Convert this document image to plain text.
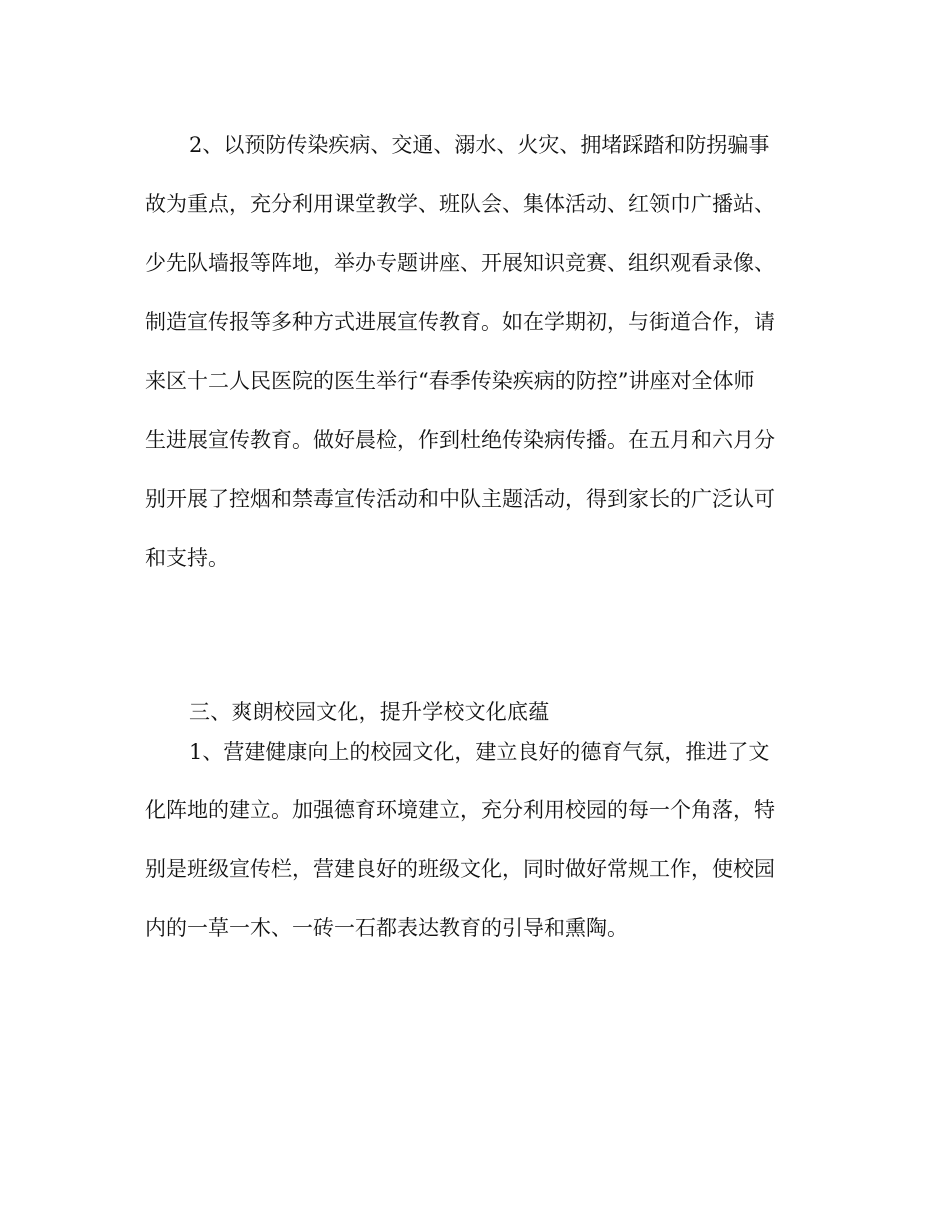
2、以预防传染疾病、交通、溺水、火灾、拥堵踩踏和防拐骗事
故为重点，充分利用课堂教学、班队会、集体活动、红领巾广播站、
少先队墙报等阵地，举办专题讲座、开展知识竞赛、组织观看录像、
制造宣传报等多种方式进展宣传教育。如在学期初，与街道合作，请
来区十二人民医院的医生举行“春季传染疾病的防控”讲座对全体师
生进展宣传教育。做好晨检，作到杜绝传染病传播。在五月和六月分
别开展了控烟和禁毒宣传活动和中队主题活动，得到家长的广泛认可
和支持。
三、爽朗校园文化，提升学校文化底蕴
1、营建健康向上的校园文化，建立良好的德育气氛，推进了文
化阵地的建立。加强德育环境建立，充分利用校园的每一个角落，特
别是班级宣传栏，营建良好的班级文化，同时做好常规工作，使校园
内的一草一木、一砖一石都表达教育的引导和熏陶。
